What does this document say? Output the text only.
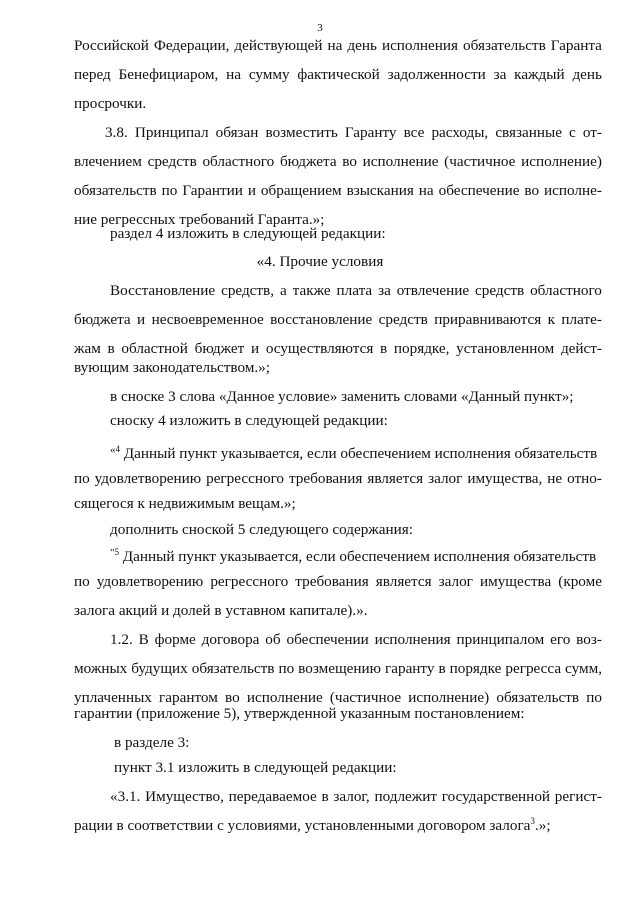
3
Российской Федерации, действующей на день исполнения обязательств Гаранта
перед Бенефициаром, на сумму фактической задолженности за каждый день
просрочки.
3.8. Принципал обязан возместить Гаранту все расходы, связанные с от-
влечением средств областного бюджета во исполнение (частичное исполнение)
обязательств по Гарантии и обращением взыскания на обеспечение во исполне-
ние регрессных требований Гаранта.»;
раздел 4 изложить в следующей редакции:
«4. Прочие условия
Восстановление средств, а также плата за отвлечение средств областного
бюджета и несвоевременное восстановление средств приравниваются к плате-
жам в областной бюджет и осуществляются в порядке, установленном дейст-
вующим законодательством.»;
в сноске 3 слова «Данное условие» заменить словами «Данный пункт»;
сноску 4 изложить в следующей редакции:
$^{«4}$ Данный пункт указывается, если обеспечением исполнения обязательств
по удовлетворению регрессного требования является залог имущества, не отно-
сящегося к недвижимым вещам.»;
дополнить сноской 5 следующего содержания:
$^{"5}$ Данный пункт указывается, если обеспечением исполнения обязательств
по удовлетворению регрессного требования является залог имущества (кроме
залога акций и долей в уставном капитале).».
1.2. В форме договора об обеспечении исполнения принципалом его воз-
можных будущих обязательств по возмещению гаранту в порядке регресса сумм,
уплаченных гарантом во исполнение (частичное исполнение) обязательств по
гарантии (приложение 5), утвержденной указанным постановлением:
в разделе 3:
пункт 3.1 изложить в следующей редакции:
«3.1. Имущество, передаваемое в залог, подлежит государственной регист-
рации в соответствии с условиями, установленными договором залога$^3$.»;
